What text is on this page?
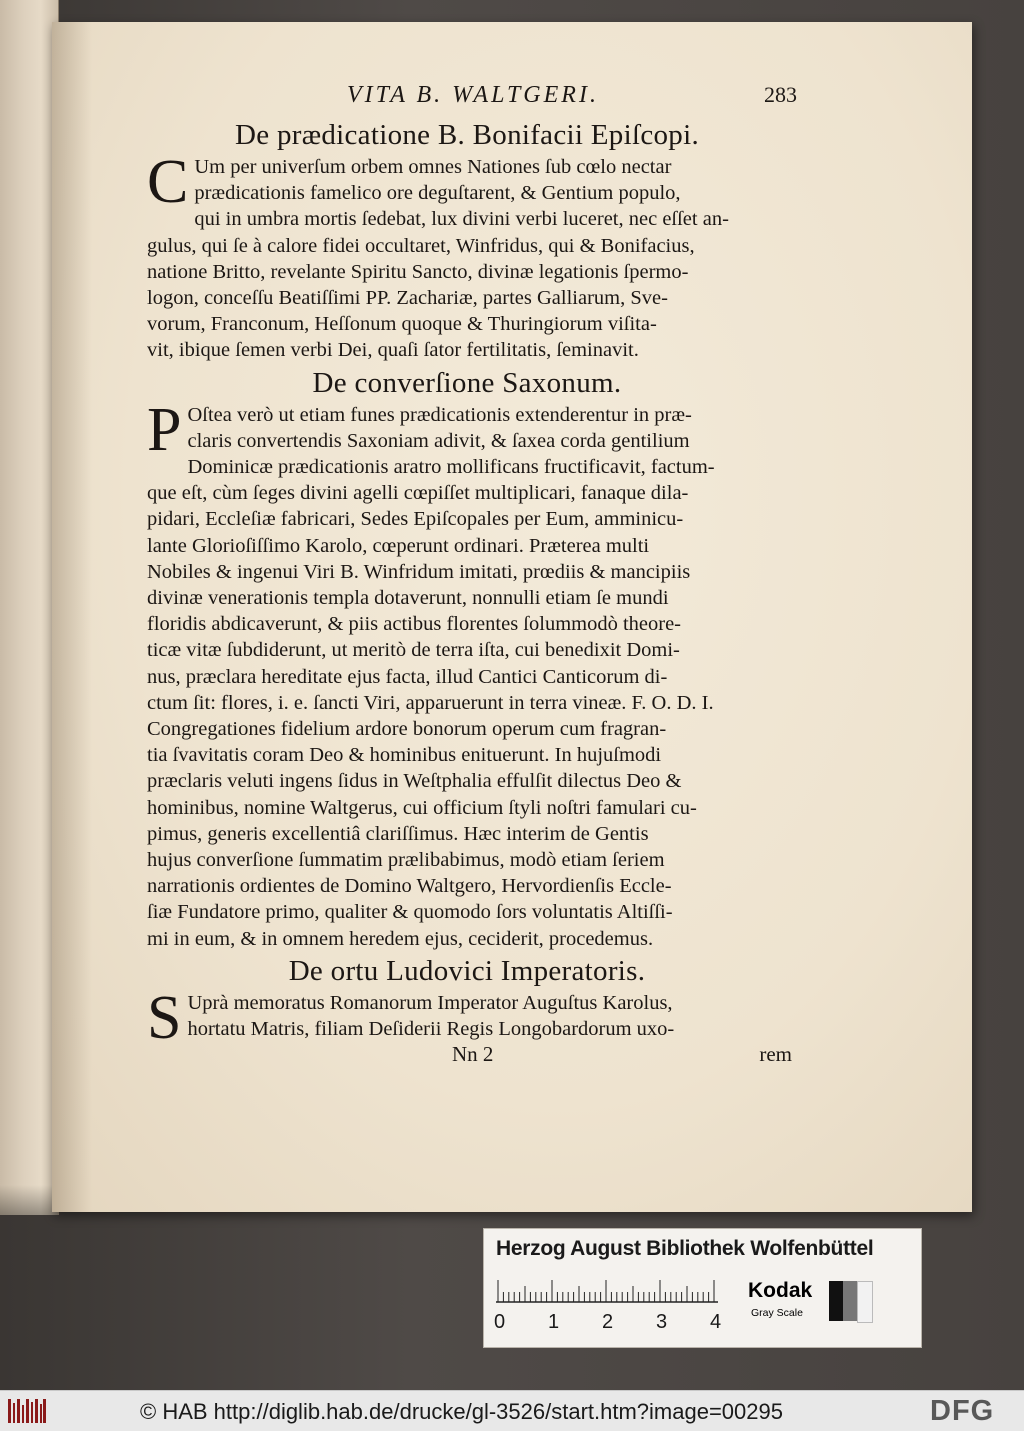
VITA B. WALTGERI.	283
De prædicatione B. Bonifacii Epiſcopi.

C Um per univerſum orbem omnes Nationes ſub cœlo nectar
prædicationis famelico ore deguſtarent, & Gentium populo,
qui in umbra mortis ſedebat, lux divini verbi luceret, nec eſſet an-
gulus, qui ſe à calore fidei occultaret, Winfridus, qui & Bonifacius,
natione Britto, revelante Spiritu Sancto, divinæ legationis ſpermo-
logon, conceſſu Beatiſſimi PP. Zachariæ, partes Galliarum, Sve-
vorum, Franconum, Heſſonum quoque & Thuringiorum viſita-
vit, ibique ſemen verbi Dei, quaſi ſator fertilitatis, ſeminavit.

De converſione Saxonum.

P Oſtea verò ut etiam funes prædicationis extenderentur in præ-
claris convertendis Saxoniam adivit, & ſaxea corda gentilium
Dominicæ prædicationis aratro mollificans fructificavit, factum-
que eſt, cùm ſeges divini agelli cœpiſſet multiplicari, fanaque dila-
pidari, Eccleſiæ fabricari, Sedes Epiſcopales per Eum, amminicu-
lante Glorioſiſſimo Karolo, cœperunt ordinari. Præterea multi
Nobiles & ingenui Viri B. Winfridum imitati, prœdiis & mancipiis
divinæ venerationis templa dotaverunt, nonnulli etiam ſe mundi
floridis abdicaverunt, & piis actibus florentes ſolummodò theore-
ticæ vitæ ſubdiderunt, ut meritò de terra iſta, cui benedixit Domi-
nus, præclara hereditate ejus facta, illud Cantici Canticorum di-
ctum ſit: flores, i. e. ſancti Viri, apparuerunt in terra vineæ. F. O. D. I.
Congregationes fidelium ardore bonorum operum cum fragran-
tia ſvavitatis coram Deo & hominibus enituerunt. In hujuſmodi
præclaris veluti ingens ſidus in Weſtphalia effulſit dilectus Deo &
hominibus, nomine Waltgerus, cui officium ſtyli noſtri famulari cu-
pimus, generis excellentiâ clariſſimus. Hæc interim de Gentis
hujus converſione ſummatim prælibabimus, modò etiam ſeriem
narrationis ordientes de Domino Waltgero, Hervordienſis Eccle-
ſiæ Fundatore primo, qualiter & quomodo ſors voluntatis Altiſſi-
mi in eum, & in omnem heredem ejus, ceciderit, procedemus.

De ortu Ludovici Imperatoris.

S Uprà memoratus Romanorum Imperator Auguſtus Karolus,
hortatu Matris, filiam Deſiderii Regis Longobardorum uxo-

Nn 2	rem
Herzog August Bibliothek Wolfenbüttel
0 1 2 3 4
Kodak
Gray Scale
© HAB http://diglib.hab.de/drucke/gl-3526/start.htm?image=00295	DFG
